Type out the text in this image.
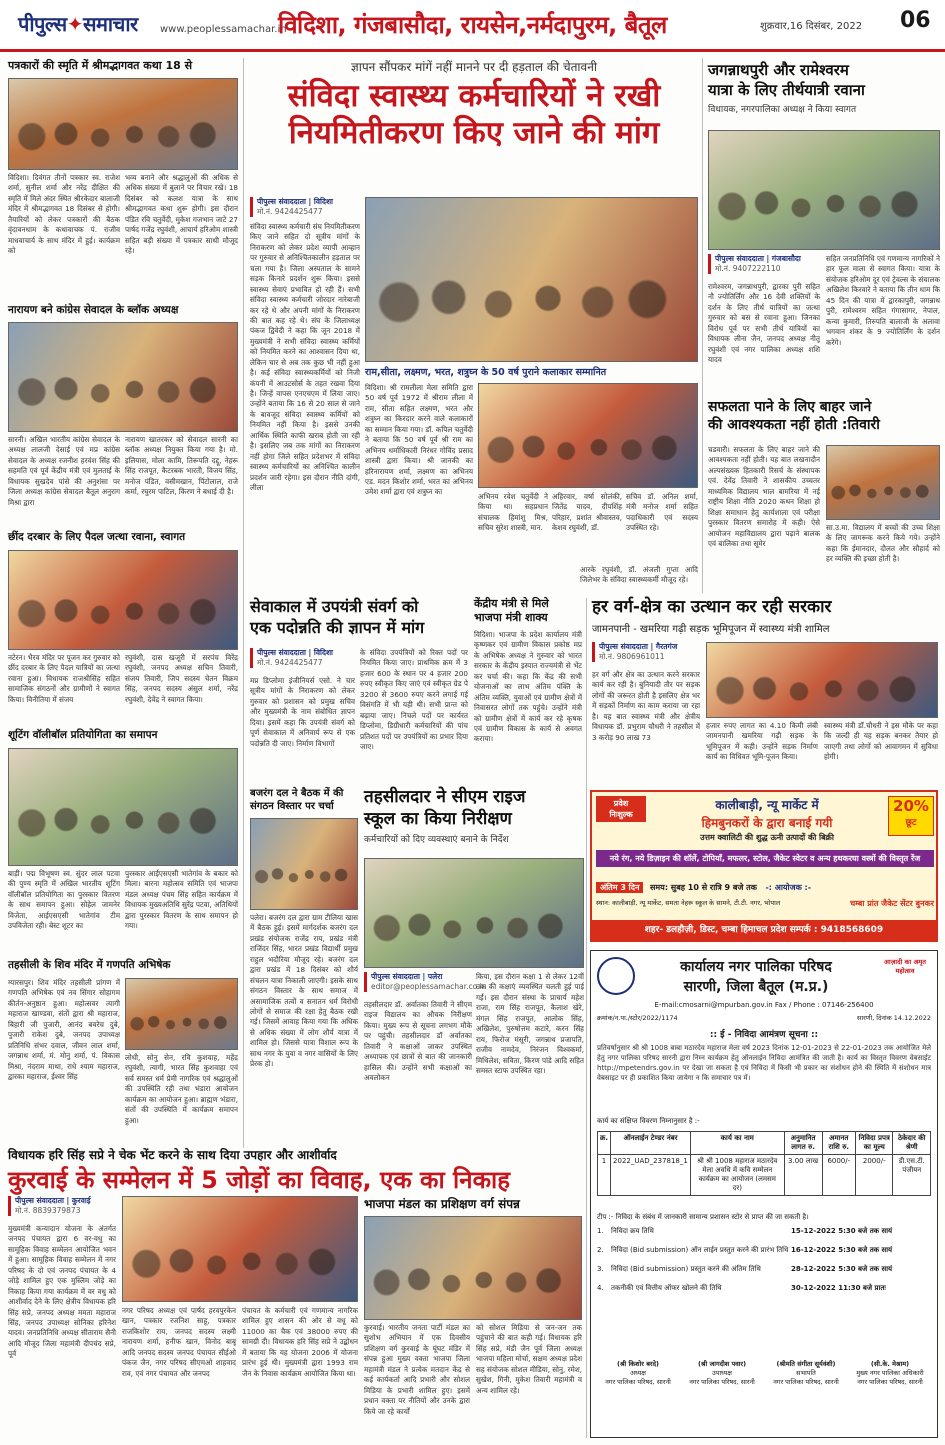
पीपुल्स✦समाचार www.peoplessamachar.in
विदिशा, गंजबासौदा, रायसेन,नर्मदापुरम, बैतूल	शुक्रवार,16 दिसंबर, 2022 06
पत्रकारों की स्मृति में श्रीमद्भागवत कथा 18 से
विदिशा। दिवंगत तीनों पत्रकार स्व. राजेश शर्मा, सुनील शर्मा और नरेंद्र दीक्षित की स्मृति में मिले अंदर स्थित श्रीरकेदार बालाजी मंदिर में श्रीमद्भागवत 18 दिसंबर से होगी। तैयारियों को लेकर पत्रकारों की बैठक वृंदावनधाम के कथावाचक पं. राजीव माधवाचार्य के साथ मंदिर में हुई। कार्यक्रम को
भव्य बनाने और श्रद्धालुओं की अधिक से अधिक संख्या में बुलाने पर विचार रखे। 18 दिसंबर को कलश यात्रा के साथ श्रीमद्भागवत कथा शुरू होगी। इस दौरान पंडित रवि चतुर्वेदी, मुकेश गजभान जाटे 27 पार्षद गजेंद्र रघुवंशी, आचार्य हरिओम शास्त्री सहित बड़ी संख्या में पत्रकार साथी मौजूद रहे।
नारायण बने कांग्रेस सेवादल के ब्लॉक अध्यक्ष
सारनी। अखिल भारतीय कांग्रेस सेवादल के अध्यक्ष लालजी देसाई एवं मप्र कांग्रेस सेवादल के अध्यक्ष रजनीश हरवंश सिंह की सहमति एवं पूर्व केंद्रीय मंत्री एवं मुलताई के विधायक सुखदेव पांसे की अनुशंसा पर जिला अध्यक्ष कांग्रेस सेवादल बैतूल अनुराग मिश्रा द्वारा
नारायण खातरकर को सेवादल सारनी का ब्लॉक अध्यक्ष नियुक्त किया गया है। मो. इलियास, मोला कामि, तिरूपति दद्दू, नेहरू सिंह राजपूत, कैटरबक भारती, विजय सिंह, मनोज पंडित, वसीमखान, पिंटोलाल, राजे कर्मा, रघुरम पाटिल, किरण ने बधाई दी है।
छींद दरबार के लिए पैदल जत्था रवाना, स्वागत
नटेरन। भैरव मंदिर पर पूजन कर गुरुवार को छींद दरबार के लिए पैदल यात्रियों का जत्था रवाना हुआ। विधायक राजश्रीसिंह सहित सामाजिक संगठनों और ग्रामीणों ने स्वागत किया। विनीतिया में संजय
रघुवंशी, दास खजूरी में सरपंच विरेंद्र रघुवंशी, जनपद अध्यक्ष सचिन तिवारी, संजय तिवारी, जिप सदस्य चेतन विक्रम सिंह, जनपद सदस्य अंसुल शर्मा, नरेंद्र रघुवंशी, देवेंद्र ने स्वागत किया।
शूटिंग वॉलीबॉल प्रतियोगिता का समापन
बाड़ी। पद्म विभूषण स्व. सुंदर लाल पटवा की पुण्य स्मृति में अखिल भारतीय शूटिंग वॉलीबॉल प्रतियोगिता का पुरस्कार वितरण के साथ समापन हुआ। सोहेल जामनेर विजेता, आईएसएसी भातेगांव टीम उपविजेता रही। बेस्ट शूटर का
पुरस्कार आईएसएसी भातेगांव के बकार को मिला। बारना महोत्सव समिति एवं भाजपा मंडल अध्यक्ष पंचम सिंह सहित कार्यक्रम में विधायक मुख्यअतिथि सुरेंद्र पटवा, अतिथियों द्वारा पुरस्कार वितरण के साथ समापन हो गया।
तहसीली के शिव मंदिर में गणपति अभिषेक
ग्यारसपुर। शिव मंदिर तहसीली प्रांगण में गणपति अभिषेक एवं नव सिंगार सोहागम कीर्तन-अनुष्ठान हुआ। महोत्सवर त्यागी महाराज खाण्डवा, संतों द्वारा श्री महाराज, बिहारी जी पुजारी, आनंद बवरेच दुबे, पुजारी राकेश दुबे, जनपद उपाध्यक्ष प्रतिनिधि संभर दवाल, जीवन लाल शर्मा, जगन्नाथ शर्मा, मं. मोनु शर्मा, पं. विकास मिश्रा, नंदराम माथा, राधे श्याम महाराज, द्वारका महाराज, ईश्वर सिंह
लोधी, सोनु सेन, रवि कुशवाह, महेंद्र रघुवंशी, त्यागी, भारत सिंह कुशवाहा एवं सर्व समस्त धर्म प्रेमी नागरिक एवं श्रद्धालुओं की उपस्थिति रही तथा भंडारा आयोजन कार्यक्रम का आयोजन हुआ। ब्राह्मण भंडारा, संतों की उपस्थिति में कार्यक्रम समापन हुआ।
ज्ञापन सौंपकर मांगें नहीं मानने पर दी हड़ताल की चेतावनी
संविदा स्वास्थ्य कर्मचारियों ने रखी
नियमितीकरण किए जाने की मांग
पीपुल्स संवाददाता | विदिशा
मो.नं. 9424425477
संविदा स्वास्थ्य कर्मचारी संघ नियमितीकरण किए जाने सहित दो सूत्रीय मांगों के निराकरण को लेकर प्रदेश व्यापी आव्हान पर गुरुवार से अनिश्चितकालीन हड़ताल पर चला गया है। जिला अस्पताल के सामने सड़क किनारे प्रदर्शन शुरू किया। इससे स्वास्थ्य सेवाएं प्रभावित हो रही हैं। सभी संविदा स्वास्थ्य कर्मचारी जोरदार नारेबाजी कर रहे थे और अपनी मांगों के निराकरण की बात कह रहे थे। संघ के जिलाध्यक्ष पंकज द्विवेदी ने कहा कि जून 2018 में मुख्यमंत्री ने सभी संविदा स्वास्थ्य कर्मियों को नियमित करने का आश्वासन दिया था, लेकिन चार से अब तक कुछ भी नहीं हुआ है। कई संविदा स्वास्थ्यकर्मियों को निजी कंपनी में आउटसोर्स के तहत रखवा दिया है। जिन्हें वापस एनएचएम में लिया जाए। उन्होंने बताया कि 16 से 20 साल से जाने के बावजूद संविदा स्वास्थ्य कर्मियों को नियमित नहीं किया है। इससे उनकी आर्थिक स्थिति काफी खराब होती जा रही है। इसलिए जब तक मांगों का निराकरण नहीं होगा जिले सहित प्रदेशभर में संविदा स्वास्थ्य कर्मचारियों का अनिश्चित कालीन प्रदर्शन जारी रहेगा। इस दौरान नीति दांगी, लीला
राम,सीता, लक्ष्मण, भरत, शत्रुघ्न के 50 वर्ष पुराने कलाकार सम्मानित
विदिशा। श्री रामलीला मेला समिति द्वारा 50 वर्ष पूर्व 1972 में श्रीराम लीला में राम, सीता सहित लक्ष्मण, भरत और शत्रुघ्न का किरदार करने वाले कलाकारों का सम्मान किया गया। डॉ. कपिल चतुर्वेदी ने बताया कि 50 वर्ष पूर्व श्री राम का अभिनय धर्माधिकारी निरंधर गोविंद प्रसाद शास्त्री द्वारा किया। श्री जानकी का हरिनारायण शर्मा, लक्ष्मण का अभिनय एड. मदन किशोर शर्मा, भरत का अभिनय उमेश शर्मा द्वारा एवं शत्रुघ्न का
अभिनय रवेश चतुर्वेदी ने किया था। सहप्रधान संचालक हिमांशु मिश्र, सचिव सुरेश शास्त्री, मान.
अहिरवार, वर्षा सोलंकी, जितेंद्र यादव, दीपशिंह परिहार, प्रशांत श्रीवास्तव, केशव रघुवंशी, डॉ.
सचिव डॉ. अनिल शर्मा, मंत्री मनोज शर्मा सहित पदाधिकारी एवं सदस्य उपस्थित रहे।
आरके रघुवंशी, डॉ. अंजली गुप्ता आदि जिलेभर के संविदा स्वास्थ्यकर्मी मौजूद रहे।
जगन्नाथपुरी और रामेश्वरम
यात्रा के लिए तीर्थयात्री रवाना
विधायक, नगरपालिका अध्यक्ष ने किया स्वागत
पीपुल्स संवाददाता | गंजबासौदा
मो.नं. 9407222110
रामेश्वरम, जगन्नाथपुरी, द्वारका पुरी सहित नौ ज्योतिर्लिंग और 16 देवी शक्तियों के दर्शन के लिए तीर्थ यात्रियों का जत्था गुरुवार को बस से रवाना हुआ। जिनका विरोध पूर्व पर सभी तीर्थ यात्रियों का विधायक लीना जैन, जनपद अध्यक्ष नीतू रघुवंशी एवं नगर पालिका अध्यक्ष शशि यादव
सहित जनप्रतिनिधि एवं गणमान्य नागरिकों ने हार फूल माला से स्वागत किया। यात्रा के संयोजक हरिओम दूर एवं ट्रेवल्स के संचालक अखिलेश किरवारे ने बताया कि तीन धाम कि 45 दिन की यात्रा में द्वारकापुरी, जगन्नाथ पुरी, रामेश्वरम सहित गंगासागर, नेपाल, कन्या कुमारी, तिरुपति बालाजी के अलावा भगवान शंकर के 9 ज्योतिर्लिंग के दर्शन करेंगे।
सफलता पाने के लिए बाहर जाने
की आवश्यकता नहीं होती :तिवारी
चडवारी। सफलता के लिए बाहर जाने की आवश्यकता नहीं होती। यह बात लखनादौन अल्पसंख्यक हितकारी रिसर्च के संस्थापक एवं. देवेंद्र तिवारी ने शासकीय उच्चतर माध्यमिक विद्यालय भाल बामरिया में नई राष्ट्रीय शिक्षा नीति 2020 कथन शिक्षा हो शिक्षा समाधान हेतु कार्यशाला एवं परीक्षा पुरस्कार वितरण समारोह में कही। ऐसे आयोजन महाविद्यालय द्वारा पढ़ाने बालक एवं बालिका तथा सूमेर
सा.उ.मा. विद्यालय में बच्चों की उच्च शिक्षा के लिए जागरूक करने किये गये। उन्होंने कहा कि ईमानदार, दौलत और सौहार्द को हर व्यक्ति की इच्छा होती है।
सेवाकाल में उपयंत्री संवर्ग को
एक पदोन्नति की ज्ञापन में मांग
पीपुल्स संवाददाता | विदिशा
मो.नं. 9424425477
मप्र डिप्लोमा इंजीनियर्स एसो. ने चार सूत्रीय मांगों के निराकरण को लेकर गुरुवार को प्रशासन को प्रमुख सचिव और मुख्यमंत्री के नाम संबोधित ज्ञापन दिया। इसमें कहा कि उपयंत्री संवर्ग को पूर्ण सेवाकाल में अनिवार्य रूप से एक पदोन्नति दी जाए। निर्माण विभागों
के संविदा उपयंत्रियों को रिक्त पदों पर नियमित किया जाए। प्राथमिक क्रम में 3 हजार 600 के स्थान पर 4 हजार 200 रुपए स्वीकृत किए जाएं एवं स्वीकृत ग्रेड पे 3200 से 3600 रुपए करने लगाई गई विसंगति में भी यही थी। सभी प्रान्त को बढ़ाया जाए। निचले पदों पर कार्यरत डिप्लोमा, डिग्रीधारी कर्मचारियों की पांच प्रतिशत पदों पर उपयंत्रियों का प्रभार दिया जाए।
केंद्रीय मंत्री से मिले
भाजपा मंत्री शाक्य
विदिशा। भाजपा के प्रदेश कार्यालय मंत्री कृष्णकर एवं ग्रामीण विकास प्रकोष्ठ मप्र के अभिषेक अध्यक्ष ने गुरुवार को भारत सरकार के केंद्रीय इस्पात राज्यमंत्री से भेंट कर चर्चा की। कहा कि केंद्र की सभी योजनाओं का लाभ अंतिम पंक्ति के अंतिम व्यक्ति, युवाओं एवं ग्रामीण क्षेत्रों में निवासरत लोगों तक पहुंचे। उन्होंने मंत्री को ग्रामीण क्षेत्रों में कार्य कर रहे कृषक एवं ग्रामीण विकास के कार्य से अवगत कराया।
बजरंग दल ने बैठक में की
संगठन विस्तार पर चर्चा
पलेरा। बजरंग दल द्वारा ग्राम टीलिया खास में बैठक हुई। इसमें मार्गदर्शक बजरंग दल प्रखंड संयोजक राजेंद्र राय, प्रखंड मंत्री राजिंदर सिंह, भारत प्रखंड विद्यार्थी प्रमुख राहुल भदौरिया मौजूद रहे। बजरंग दल द्वारा प्रखंड में 18 दिसंबर को शौर्य संचलन यात्रा निकाली जाएगी। इसके साथ संगठन विस्तार के साथ समाज में असामाजिक तत्वों व सनातन धर्म विरोधी लोगों से समाज की रक्षा हेतु बैठक रखी गई। जिसमें आवाह किया गया कि अधिक से अधिक संख्या में लोग शौर्य यात्रा में शामिल हो। जिससे यात्रा विशाल रूप के साथ नगर के युवा व नगर वासियों के लिए प्रेरक हो।
तहसीलदार ने सीएम राइज
स्कूल का किया निरीक्षण
कर्मचारियों को दिए व्यवस्थाएं बनाने के निर्देश
पीपुल्स संवाददाता | पलेरा
editor@peoplessamachar.co.in
तहसीलदार डॉ. अर्वातका तिवारी ने सीएम राइज विद्यालय का औचक निरीक्षण किया। मुख्य रूप से सूचना लगभग मौके पर पहुंची। तहसीलदार डॉ अर्वातका तिवारी ने कक्षाओं जाकर उपस्थित अध्यापक एवं छात्रों से बात की जानकारी हासिल की। उन्होंने सभी कक्षाओं का अवलोकन
किया, इस दौरान कक्षा 1 से लेकर 12वीं तक की कक्षाएं व्यवस्थित चलती हुई पाई गईं। इस दौरान संस्था के प्राचार्य महेश राजा, राम सिंह राजपूत, कैलाश खेरे, मंगल सिंह राजपूत, आलोक सिंह, अखिलेश, पुरुषोत्तम कटारे, करन सिंह राय, फिरोज मंसूरी, जगन्नाथ प्रजापति, राजीव नामदेव, निरंजन विश्वकर्मा, मिथिलेश, सविता, किरण पांडे आदि सहित समस्त स्टाफ उपस्थित रहा।
हर वर्ग-क्षेत्र का उत्थान कर रही सरकार
जामनपानी - खमरिया गढ़ी सड़क भूमिपूजन में स्वास्थ्य मंत्री शामिल
पीपुल्स संवाददाता | गैरतगंज
मो.नं. 9806961011
हर वर्ग और क्षेत्र का उत्थान करने सरकार कार्य कर रही है। बुनियादी तौर पर सड़क लोगों की जरूरत होती है इसलिए क्षेत्र भर में सड़कों निर्माण का काम कराया जा रहा है। यह बात स्वास्थ्य मंत्री और क्षेत्रीय विधायक डॉ. प्रभुराम चौधरी ने तहसील में 3 करोड़ 90 लाख 73
हजार रुपए लागत का 4.10 किमी लंबी जामनपानी खमरिया गढ़ी सड़क के भूमिपूजन में कही। उन्होंने सड़क निर्माण कार्य का विधिवत भूमि-पूजन किया।
स्वास्थ्य मंत्री डॉ.चौधरी ने इस मौके पर कहा कि जल्दी ही यह सड़क बनकर तैयार हो जाएगी तथा लोगों को आवागमन में सुविधा होगी।
प्रवेश
निःशुल्क
कालीबाड़ी, न्यू मार्केट में
हिमबुनकरों के द्वारा बनाई गयी
उत्तम क्वालिटी की शुद्ध ऊनी उत्पादों की बिक्री
20%
छूट
नये रंग, नये डिज़ाइन की शॉलें, टोपियाँ, मफलर, स्टोल, जैकेट स्वेटर व अन्य हथकरघा वस्त्रों की विस्तृत रेंज
अंतिम 3 दिन समय: सुबह 10 से रात्रि 9 बजे तक -: आयोजक :-
स्थान: कालीबाड़ी, न्यू मार्केट, समता नेहरू स्कूल के सामने, टी.टी. नगर, भोपाल	चम्बा प्रांत जैकेट सेंटर बुनकर
शहर- डलहौज़ी, डिस्ट, चम्बा हिमाचल प्रदेश सम्पर्क : 9418568609
कार्यालय नगर पालिका परिषद
सारणी, जिला बैतूल (म.प्र.)
आज़ादी का अमृत महोत्सव
E-mail:cmosarni@mpurban.gov.in Fax / Phone : 07146-256400
क्रमांक/न.पा./स्टोर/2022/1174	सारणी, दिनांक 14.12.2022
:: ई - निविदा आमंत्रण सूचना ::
प्रतिवर्षानुसार श्री श्री 1008 बाबा मठारदेव महाराज मेला वर्ष 2023 दिनांक 12-01-2023 से 22-01-2023 तक आयोजित मेले हेतु नगर पालिका परिषद सारनी द्वारा निम्न कार्यक्रम हेतु ऑनलाईन निविदा आमंत्रित की जाती है। कार्य का विस्तृत विवरण वेबसाईट http://mpetendrs.gov.in पर देखा जा सकता है एवं निविदा में किसी भी प्रकार का संशोधन होने की स्थिति में संशोधन मात्र वेबसाइट पर ही प्रकाशित किया जायेगा न कि समाचार पत्र में।
कार्य का संक्षिप्त विवरण निम्नानुसार है :-
क्र.	ऑनलाईन टेण्डर नंबर	कार्य का नाम	अनुमानित लागत रु.	अमानत राशि रु.	निविदा प्रपत्र का मूल्य	ठेकेदार की श्रेणी
1	2022_UAD_237818_1	श्री श्री 1008 महाराज मठारदेव मेला अवधि में कवि सम्मेलन कार्यक्रम का आयोजन (लमसम दर)	3.00 लाख	6000/-	2000/-	डी.एस.टी. पंजीयन
टीप :- निविदा के संबंध में जानकारी सामान्य प्रशासन स्टोर से प्राप्त की जा सकती है।
1.	निविदा क्रय तिथि	15-12-2022 5:30 बजे तक सायं
2.	निविदा (Bid submission) ऑन लाईन प्रस्तुत करने की प्रारंभ तिथि 16-12-2022 5:30 बजे तक सायं
3.	निविदा (Bid submission) प्रस्तुत करने की अंतिम तिथि	28-12-2022 5:30 बजे तक सायं
4.	तकनीकी एवं वित्तीय ऑफर खोलने की तिथि	30-12-2022 11:30 बजे प्रातः
(श्री किशोर बरदे)
अध्यक्ष
नगर पालिका परिषद, सारनी
(श्री जागदीश पवार)
उपाध्यक्ष
नगर पालिका परिषद, सारनी
(श्रीमति संगीता सूर्यवंशी)
सभापति
नगर पालिका परिषद, सारनी
(सी.के. मेश्राम)
मुख्य नगर पालिका अधिकारी
नगर पालिका परिषद, सारनी
विधायक हरि सिंह सप्रे ने चेक भेंट करने के साथ दिया उपहार और आशीर्वाद
कुरवाई के सम्मेलन में 5 जोड़ों का विवाह, एक का निकाह
पीपुल्स संवाददाता | कुरवाई
मो.नं. 8839379873
मुख्यमंत्री कन्यादान योजना के अंतर्गत जनपद पंचायत द्वारा 6 वर-वधु का सामूहिक विवाह सम्मेलन आयोजित भवन में हुआ। सामूहिक विवाह सम्मेलन में नगर परिषद के दो एवं जनपद पंचायत के 4 जोड़े शामिल हुए एक मुस्लिम जोड़े का निकाह किया गया कार्यक्रम में वर वधु को आशीर्वाद देने के लिए क्षेत्रीय विधायक हरि सिंह सप्रे, जनपद अध्यक्ष ममता महाराज सिंह, जनपद उपाध्यक्ष सोनिका हरिनेश यादव। जनप्रतिनिधि अध्यक्ष सीताराम सैनी आदि मौजूद जिला महामंत्री दीपचंद सप्रे, पूर्व
नगर परिषद अध्यक्ष एवं पार्षद हरवपुरकेन खान, पत्रकार रजनिश साहू, पत्रकार राजकिशोर राय, जनपद सदस्य लक्ष्मी नारायण शर्मा, हनीफ खान, विनोद बाबू आदि जनपद सदस्य जनपद पंचायत सीईओ पंकज जैन, नगर परिषद सीएमओ शाहवाद राव, एवं नगर पंचायत और जनपद
पंचायत के कर्मचारी एवं गणमान्य नागरिक शामिल हुए शासन की ओर से वधू को 11000 का चैक एवं 38000 रुपए की सामग्री दी। विधायक हरि सिंह सप्रे ने उद्बोधन में बताया कि यह योजना 2006 में योजना प्रारंभ हुई थी। मुख्यमंत्री द्वारा 1993 राम जैन के निवास कार्यक्रम आयोजित किया था।
भाजपा मंडल का प्रशिक्षण वर्ग संपन्न
कुरवाई। भारतीय जनता पार्टी मंडल का सुशोभ अभियान में एक दिवसीय प्रशिक्षण वर्ग कुरवाई के घूंघट मंडिर में संपन्न हुआ मुख्य वक्ता भाजपा जिला महामंत्री मंडल ने प्रत्येक मतदान केंद्र से कई कार्यकर्ता आदि प्रभारी और सोशल मिडिया के प्रभारी शामिल हुए। इसमें प्रधान वक्ता पर नीतियों और उनके द्वारा किये जा रहे कार्यों
को सोशल मिडिया से जन-जन तक पहुंचाने की बात कही गई। विधायक हरि सिंह सप्रे, मंडी जैन पूर्व जिला अध्यक्ष भाजपा महिला मोर्चा, सक्षम अध्यक्ष प्रदेश सह संयोजक सोशल मीडिया, सोनु, रमेश, सुखेश, गिनी, मुकेश तिवारी महामंत्री व अन्य शामिल रहे।
